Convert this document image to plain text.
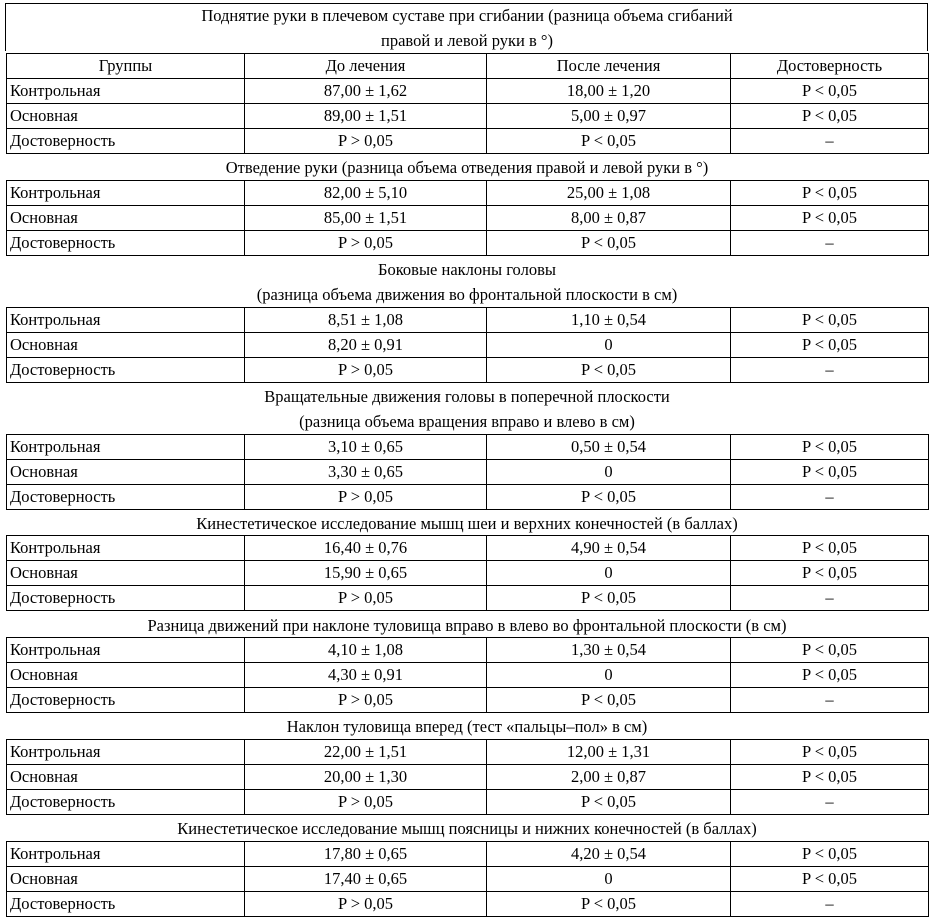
Поднятие руки в плечевом суставе при сгибании (разница объема сгибаний
правой и левой руки в °)
Группы	До лечения	После лечения	Достоверность
Контрольная	87,00 ± 1,62	18,00 ± 1,20	P < 0,05
Основная	89,00 ± 1,51	5,00 ± 0,97	P < 0,05
Достоверность	P > 0,05	P < 0,05	–
Отведение руки (разница объема отведения правой и левой руки в °)
Контрольная	82,00 ± 5,10	25,00 ± 1,08	P < 0,05
Основная	85,00 ± 1,51	8,00 ± 0,87	P < 0,05
Достоверность	P > 0,05	P < 0,05	–
Боковые наклоны головы
(разница объема движения во фронтальной плоскости в см)
Контрольная	8,51 ± 1,08	1,10 ± 0,54	P < 0,05
Основная	8,20 ± 0,91	0	P < 0,05
Достоверность	P > 0,05	P < 0,05	–
Вращательные движения головы в поперечной плоскости
(разница объема вращения вправо и влево в см)
Контрольная	3,10 ± 0,65	0,50 ± 0,54	P < 0,05
Основная	3,30 ± 0,65	0	P < 0,05
Достоверность	P > 0,05	P < 0,05	–
Кинестетическое исследование мышц шеи и верхних конечностей (в баллах)
Контрольная	16,40 ± 0,76	4,90 ± 0,54	P < 0,05
Основная	15,90 ± 0,65	0	P < 0,05
Достоверность	P > 0,05	P < 0,05	–
Разница движений при наклоне туловища вправо в влево во фронтальной плоскости (в см)
Контрольная	4,10 ± 1,08	1,30 ± 0,54	P < 0,05
Основная	4,30 ± 0,91	0	P < 0,05
Достоверность	P > 0,05	P < 0,05	–
Наклон туловища вперед (тест «пальцы–пол» в см)
Контрольная	22,00 ± 1,51	12,00 ± 1,31	P < 0,05
Основная	20,00 ± 1,30	2,00 ± 0,87	P < 0,05
Достоверность	P > 0,05	P < 0,05	–
Кинестетическое исследование мышц поясницы и нижних конечностей (в баллах)
Контрольная	17,80 ± 0,65	4,20 ± 0,54	P < 0,05
Основная	17,40 ± 0,65	0	P < 0,05
Достоверность	P > 0,05	P < 0,05	–
